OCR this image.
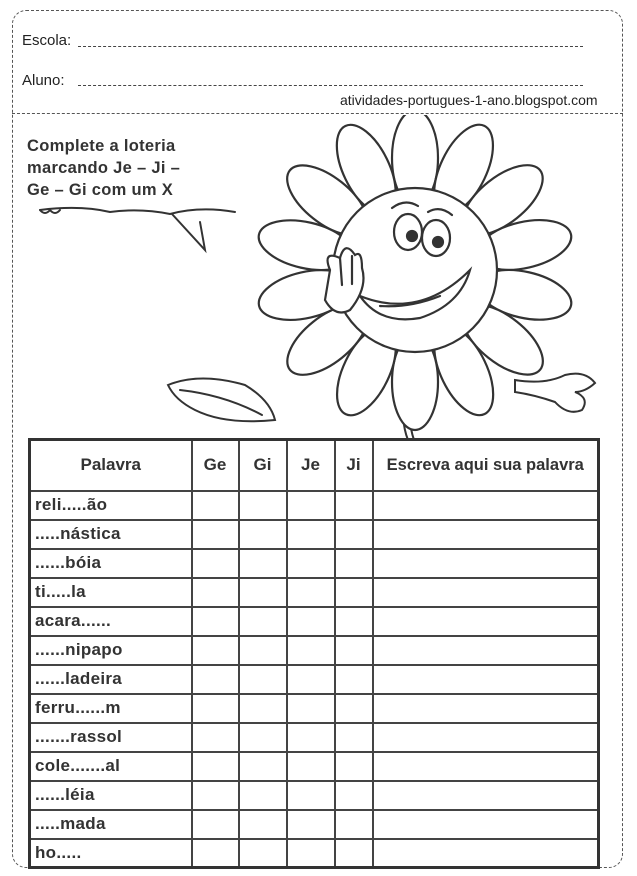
Escola:
Aluno:
atividades-portugues-1-ano.blogspot.com
Complete a loteria
marcando Je – Ji –
Ge – Gi com um X
Palavra	Ge	Gi	Je	Ji	Escreva aqui sua palavra
reli.....ão					
.....nástica					
......bóia					
ti.....la					
acara......					
......nipapo					
......ladeira					
ferru......m					
.......rassol					
cole.......al					
......léia					
.....mada					
ho.....					
